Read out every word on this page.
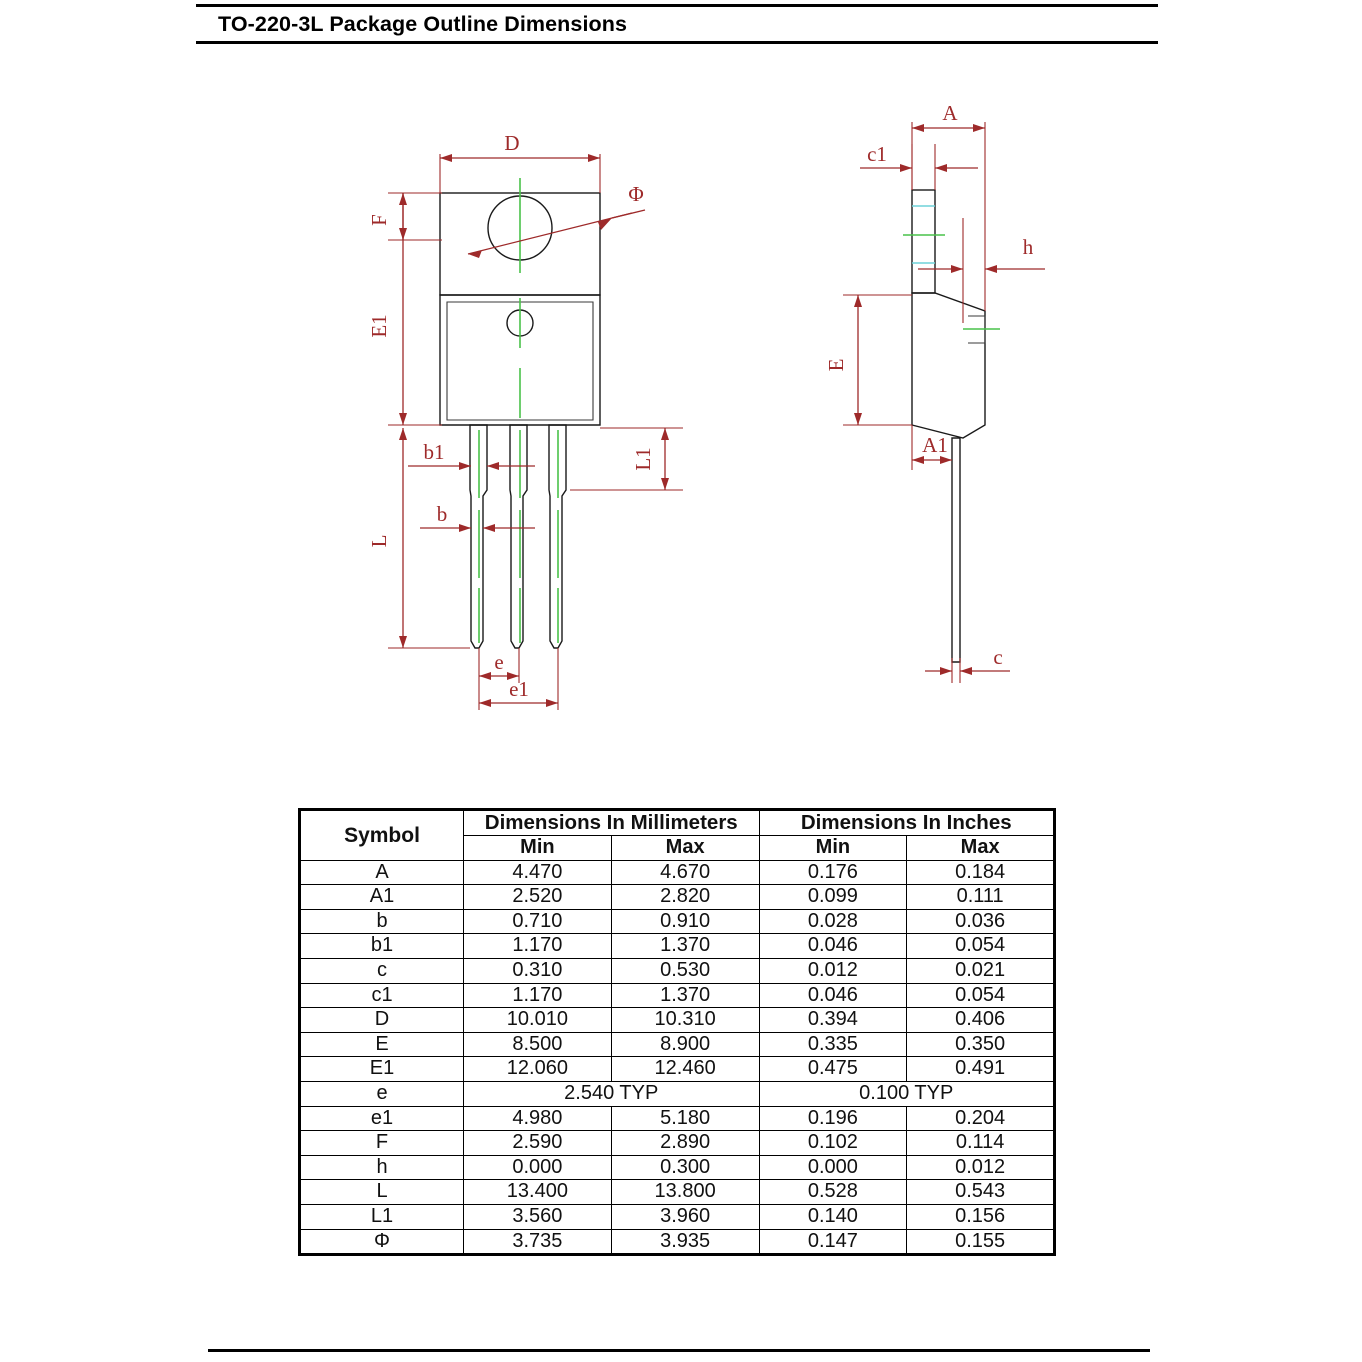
TO-220-3L Package Outline Dimensions
D
Φ
F
E1
L
b1
b
L1
e
e1
A
c1
h
E
A1
c
Symbol	Dimensions In Millimeters		Dimensions In Inches	
	Min	Max	Min	Max
A	4.470	4.670	0.176	0.184
A1	2.520	2.820	0.099	0.111
b	0.710	0.910	0.028	0.036
b1	1.170	1.370	0.046	0.054
c	0.310	0.530	0.012	0.021
c1	1.170	1.370	0.046	0.054
D	10.010	10.310	0.394	0.406
E	8.500	8.900	0.335	0.350
E1	12.060	12.460	0.475	0.491
e	2.540 TYP		0.100 TYP	
e1	4.980	5.180	0.196	0.204
F	2.590	2.890	0.102	0.114
h	0.000	0.300	0.000	0.012
L	13.400	13.800	0.528	0.543
L1	3.560	3.960	0.140	0.156
Φ	3.735	3.935	0.147	0.155
